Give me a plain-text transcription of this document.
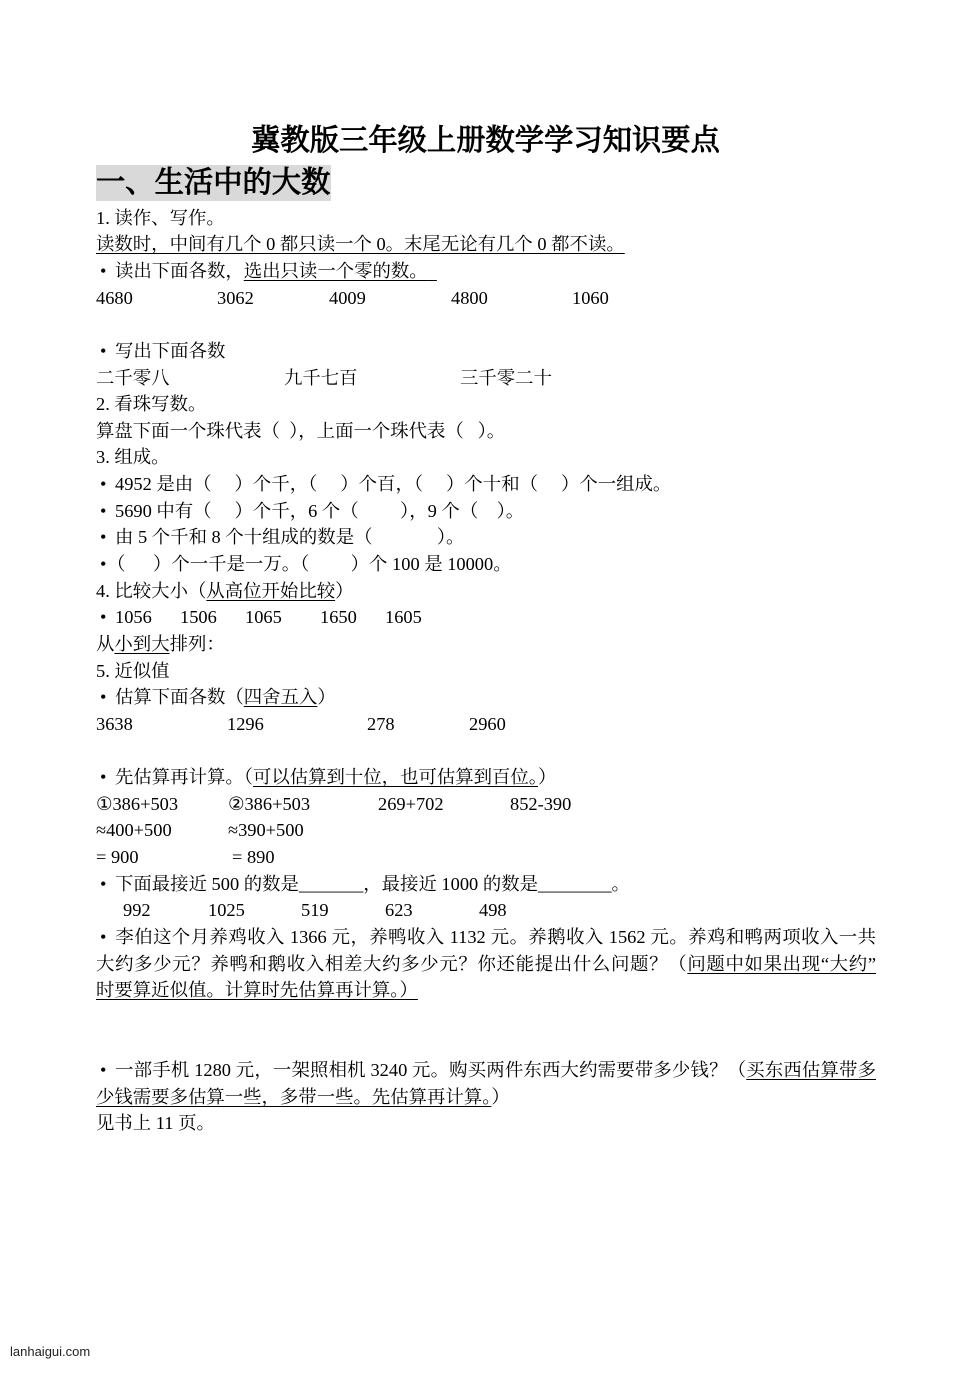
冀教版三年级上册数学学习知识要点
一、生活中的大数
1. 读作、写作。
读数时，中间有几个 0 都只读一个 0。末尾无论有几个 0 都不读。
• 读出下面各数，选出只读一个零的数。
4680	3062	4009	4800	1060
• 写出下面各数
二千零八	九千七百	三千零二十
2. 看珠写数。
算盘下面一个珠代表（  ），上面一个珠代表（   ）。
3. 组成。
• 4952 是由（     ）个千，（     ）个百，（     ）个十和（     ）个一组成。
• 5690 中有（     ）个千，6 个（         ），9 个（    ）。
• 由 5 个千和 8 个十组成的数是（              ）。
•（      ）个一千是一万。（         ）个 100 是 10000。
4. 比较大小（从高位开始比较）
• 1056 1506 1065 1650 1605
从小到大排列：
5. 近似值
• 估算下面各数（四舍五入）
3638	1296	278	2960
• 先估算再计算。（可以估算到十位，也可估算到百位。）
①386+503	②386+503	269+702	852-390
≈400+500	≈390+500
= 900	= 890
• 下面最接近 500 的数是_______，最接近 1000 的数是________。
992	1025	519	623	498
• 李伯这个月养鸡收入 1366 元，养鸭收入 1132 元。养鹅收入 1562 元。养鸡和鸭两项收入一共
大约多少元？养鸭和鹅收入相差大约多少元？你还能提出什么问题？（问题中如果出现“大约”
时要算近似值。计算时先估算再计算。）
• 一部手机 1280 元，一架照相机 3240 元。购买两件东西大约需要带多少钱？（买东西估算带多
少钱需要多估算一些，多带一些。先估算再计算。）
见书上 11 页。
lanhaigui.com
